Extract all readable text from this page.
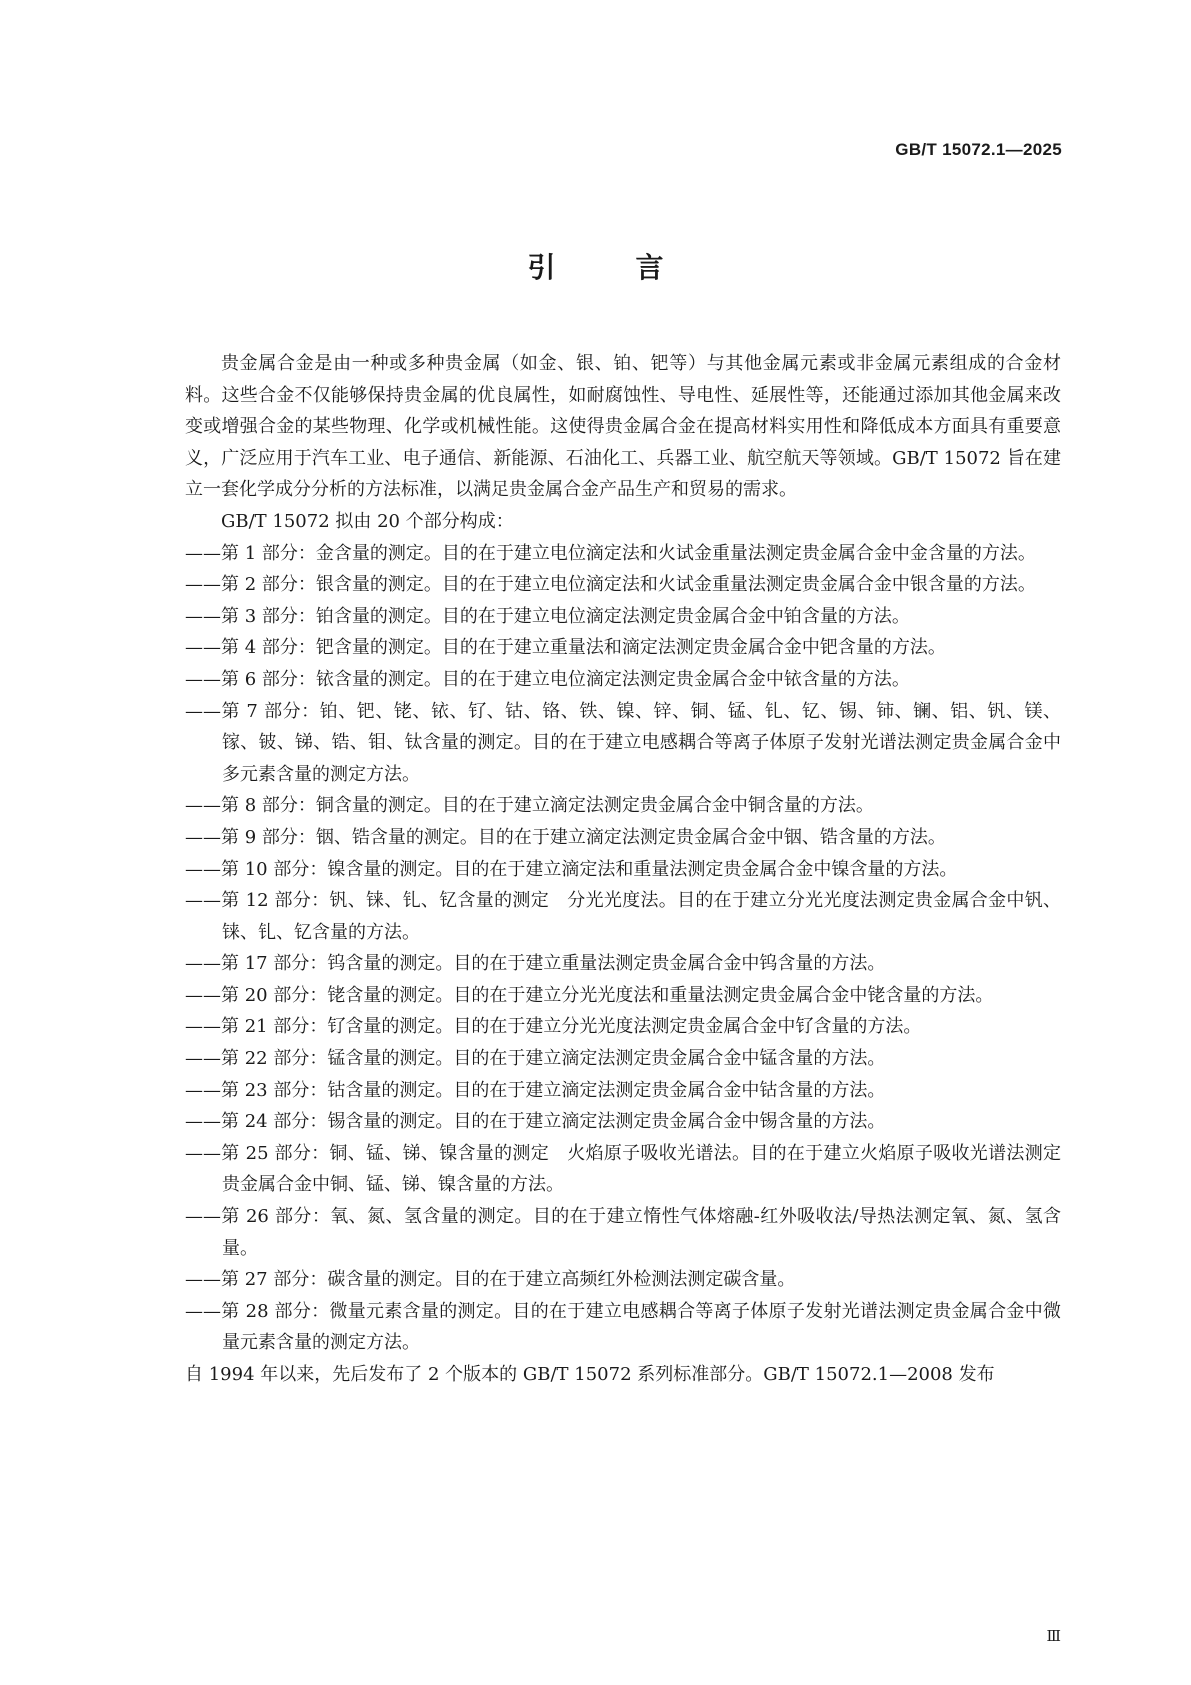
GB/T 15072.1—2025
引言

贵金属合金是由一种或多种贵金属（如金、银、铂、钯等）与其他金属元素或非金属元素组成的合金材料。这些合金不仅能够保持贵金属的优良属性，如耐腐蚀性、导电性、延展性等，还能通过添加其他金属来改变或增强合金的某些物理、化学或机械性能。这使得贵金属合金在提高材料实用性和降低成本方面具有重要意义，广泛应用于汽车工业、电子通信、新能源、石油化工、兵器工业、航空航天等领域。GB/T 15072 旨在建立一套化学成分分析的方法标准，以满足贵金属合金产品生产和贸易的需求。

GB/T 15072 拟由 20 个部分构成：

——第 1 部分：金含量的测定。目的在于建立电位滴定法和火试金重量法测定贵金属合金中金含量的方法。
——第 2 部分：银含量的测定。目的在于建立电位滴定法和火试金重量法测定贵金属合金中银含量的方法。
——第 3 部分：铂含量的测定。目的在于建立电位滴定法测定贵金属合金中铂含量的方法。
——第 4 部分：钯含量的测定。目的在于建立重量法和滴定法测定贵金属合金中钯含量的方法。
——第 6 部分：铱含量的测定。目的在于建立电位滴定法测定贵金属合金中铱含量的方法。
——第 7 部分：铂、钯、铑、铱、钌、钴、铬、铁、镍、锌、铜、锰、钆、钇、锡、铈、镧、铝、钒、镁、镓、铍、锑、锆、钼、钛含量的测定。目的在于建立电感耦合等离子体原子发射光谱法测定贵金属合金中多元素含量的测定方法。
——第 8 部分：铜含量的测定。目的在于建立滴定法测定贵金属合金中铜含量的方法。
——第 9 部分：铟、锆含量的测定。目的在于建立滴定法测定贵金属合金中铟、锆含量的方法。
——第 10 部分：镍含量的测定。目的在于建立滴定法和重量法测定贵金属合金中镍含量的方法。
——第 12 部分：钒、铼、钆、钇含量的测定　分光光度法。目的在于建立分光光度法测定贵金属合金中钒、铼、钆、钇含量的方法。
——第 17 部分：钨含量的测定。目的在于建立重量法测定贵金属合金中钨含量的方法。
——第 20 部分：铑含量的测定。目的在于建立分光光度法和重量法测定贵金属合金中铑含量的方法。
——第 21 部分：钌含量的测定。目的在于建立分光光度法测定贵金属合金中钌含量的方法。
——第 22 部分：锰含量的测定。目的在于建立滴定法测定贵金属合金中锰含量的方法。
——第 23 部分：钴含量的测定。目的在于建立滴定法测定贵金属合金中钴含量的方法。
——第 24 部分：锡含量的测定。目的在于建立滴定法测定贵金属合金中锡含量的方法。
——第 25 部分：铜、锰、锑、镍含量的测定　火焰原子吸收光谱法。目的在于建立火焰原子吸收光谱法测定贵金属合金中铜、锰、锑、镍含量的方法。
——第 26 部分：氧、氮、氢含量的测定。目的在于建立惰性气体熔融-红外吸收法/导热法测定氧、氮、氢含量。
——第 27 部分：碳含量的测定。目的在于建立高频红外检测法测定碳含量。
——第 28 部分：微量元素含量的测定。目的在于建立电感耦合等离子体原子发射光谱法测定贵金属合金中微量元素含量的测定方法。

自 1994 年以来，先后发布了 2 个版本的 GB/T 15072 系列标准部分。GB/T 15072.1—2008 发布

Ⅲ
